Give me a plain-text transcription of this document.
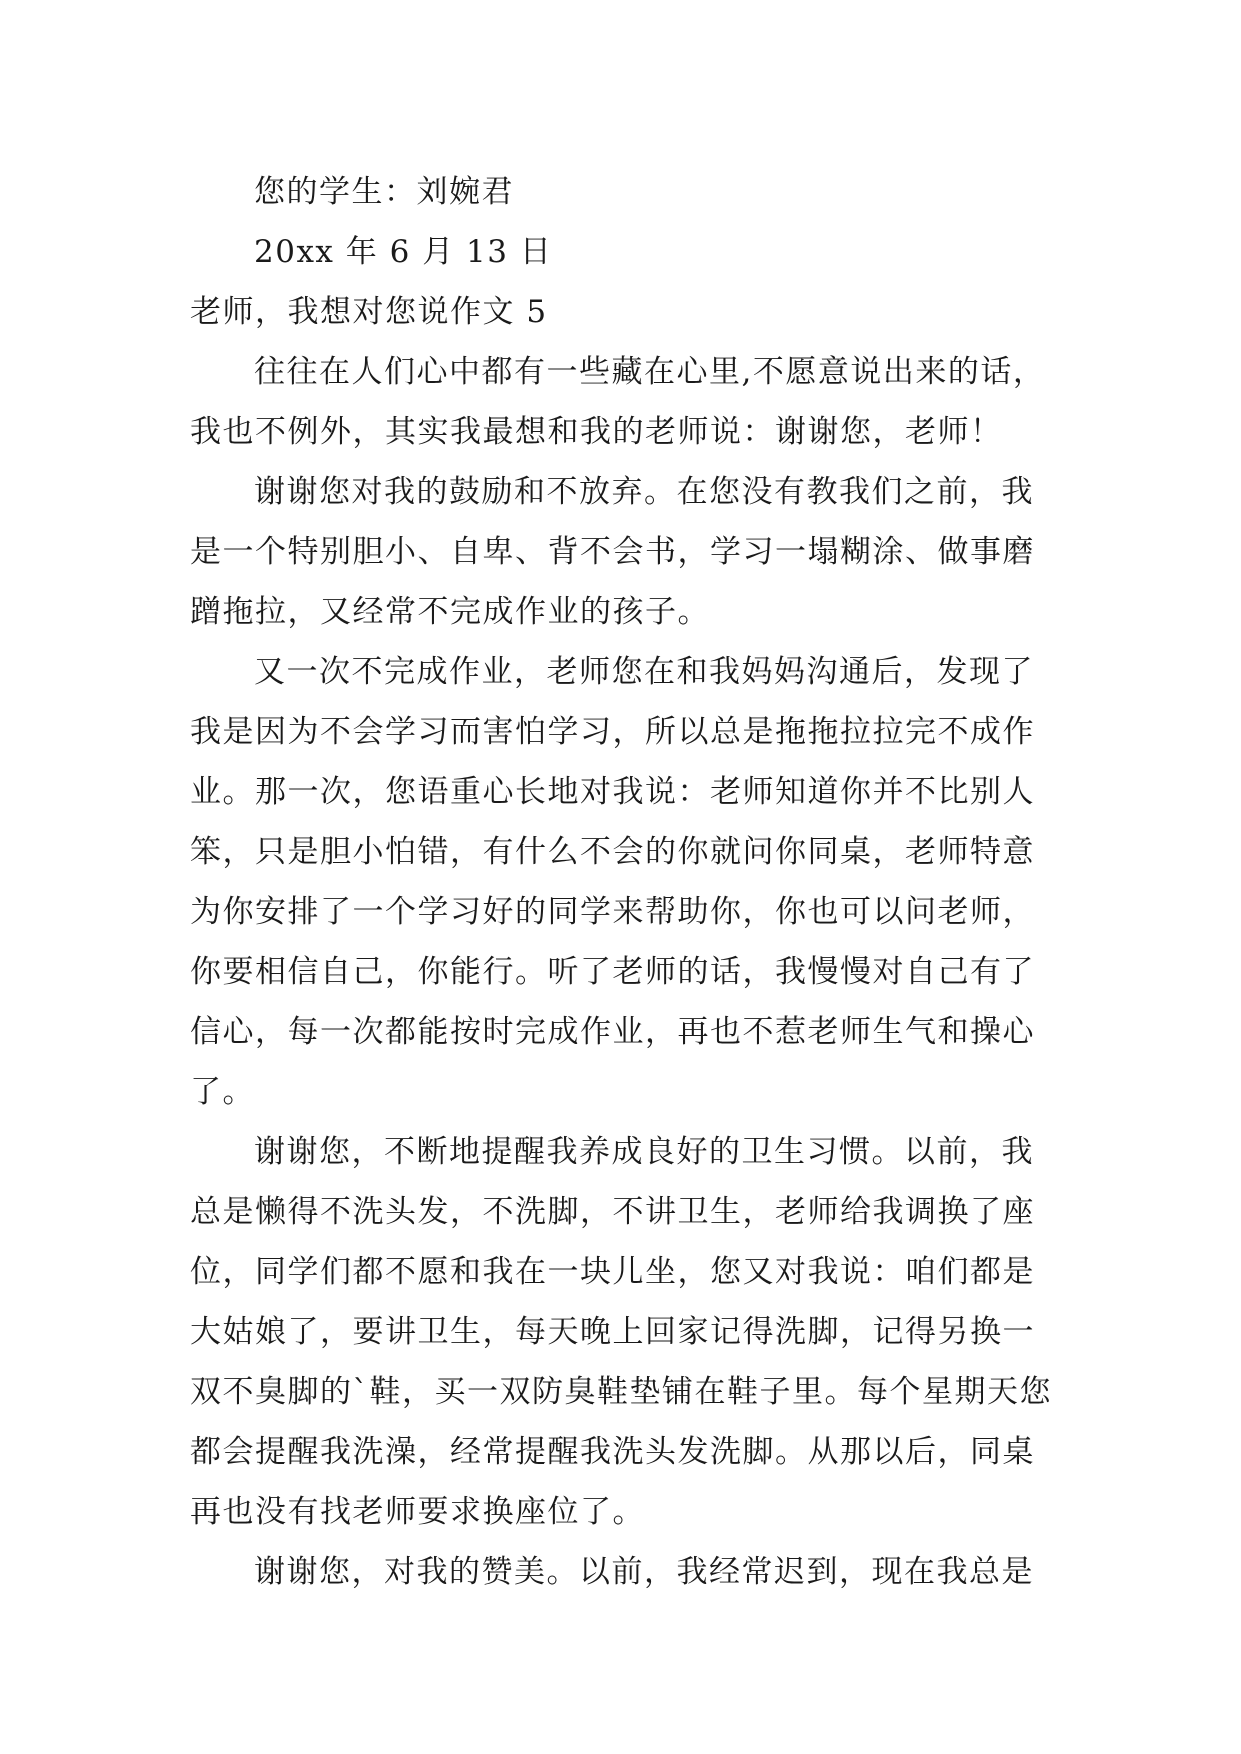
您的学生：刘婉君

20xx 年 6 月 13 日

老师，我想对您说作文 5

往往在人们心中都有一些藏在心里,不愿意说出来的话，我也不例外，其实我最想和我的老师说：谢谢您，老师！

谢谢您对我的鼓励和不放弃。在您没有教我们之前，我是一个特别胆小、自卑、背不会书，学习一塌糊涂、做事磨蹭拖拉，又经常不完成作业的孩子。

又一次不完成作业，老师您在和我妈妈沟通后，发现了我是因为不会学习而害怕学习，所以总是拖拖拉拉完不成作业。那一次，您语重心长地对我说：老师知道你并不比别人笨，只是胆小怕错，有什么不会的你就问你同桌，老师特意为你安排了一个学习好的同学来帮助你，你也可以问老师，你要相信自己，你能行。听了老师的话，我慢慢对自己有了信心，每一次都能按时完成作业，再也不惹老师生气和操心了。

谢谢您，不断地提醒我养成良好的卫生习惯。以前，我总是懒得不洗头发，不洗脚，不讲卫生，老师给我调换了座位，同学们都不愿和我在一块儿坐，您又对我说：咱们都是大姑娘了，要讲卫生，每天晚上回家记得洗脚，记得另换一双不臭脚的`鞋，买一双防臭鞋垫铺在鞋子里。每个星期天您都会提醒我洗澡，经常提醒我洗头发洗脚。从那以后，同桌再也没有找老师要求换座位了。

谢谢您，对我的赞美。以前，我经常迟到，现在我总是
